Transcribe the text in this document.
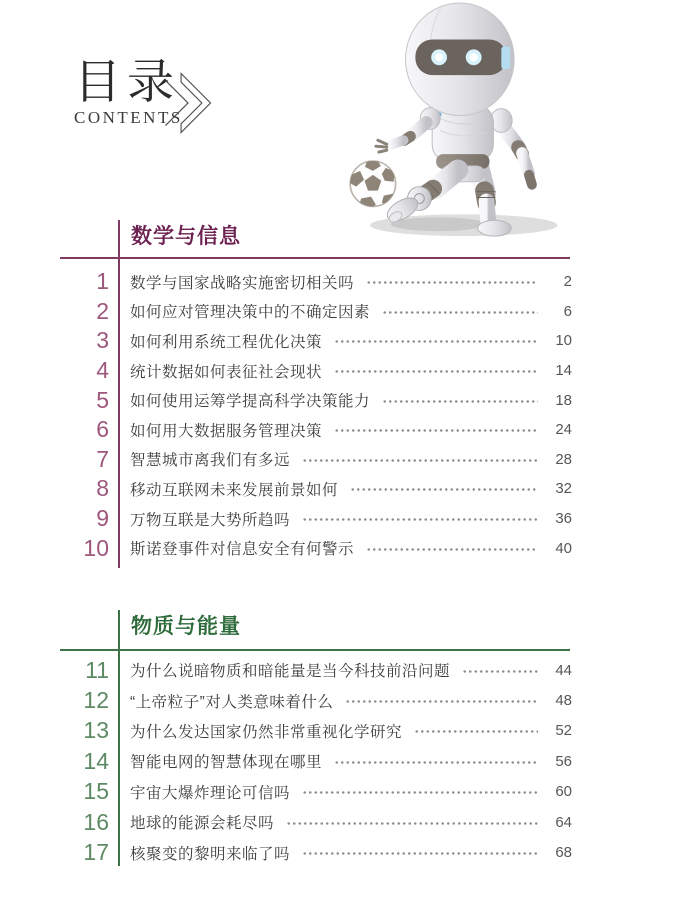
目录
CONTENTS
数学与信息
1 数学与国家战略实施密切相关吗	2
2 如何应对管理决策中的不确定因素	6
3 如何利用系统工程优化决策	10
4 统计数据如何表征社会现状	14
5 如何使用运筹学提高科学决策能力	18
6 如何用大数据服务管理决策	24
7 智慧城市离我们有多远	28
8 移动互联网未来发展前景如何	32
9 万物互联是大势所趋吗	36
10 斯诺登事件对信息安全有何警示	40
物质与能量
11 为什么说暗物质和暗能量是当今科技前沿问题	44
12 “上帝粒子”对人类意味着什么	48
13 为什么发达国家仍然非常重视化学研究	52
14 智能电网的智慧体现在哪里	56
15 宇宙大爆炸理论可信吗	60
16 地球的能源会耗尽吗	64
17 核聚变的黎明来临了吗	68
